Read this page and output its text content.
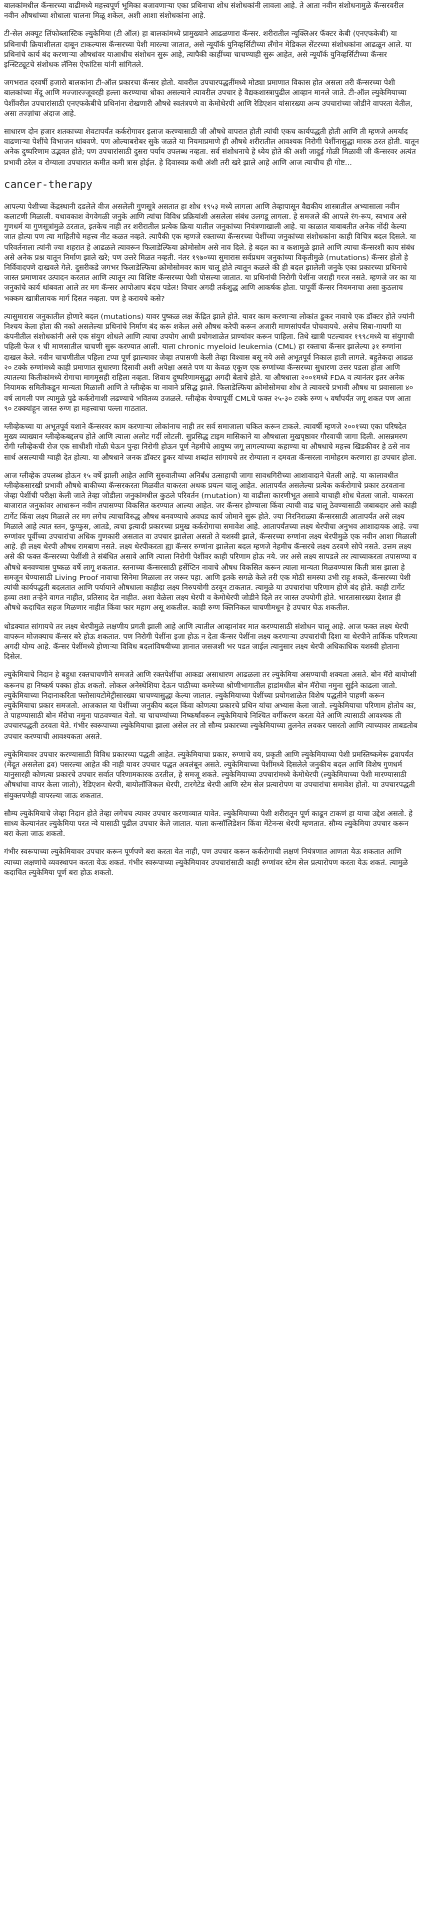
बालकांमधील कॅन्सरच्या वाढीमध्ये महत्त्वपूर्ण भूमिका बजावणाऱ्या एका प्रथिनाचा शोध संशोधकांनी लावला आहे. ते आता नवीन संशोधनामुळे कॅन्सरवरील नवीन औषधांच्या शोधाला चालना मिळू शकेल, अशी आशा संशोधकांना आहे.

टी-सेल अक्यूट लिंफोब्लास्टिक ल्युकेमिया (टी ऑल) हा बालकांमध्ये प्रामुख्याने आढळणारा कॅन्सर. शरीरातील न्यूक्लिअर फॅक्टर केबी (एनएफकेबी) या प्रथिनाची क्रियाशीलता दाबून टाकल्यास कॅन्सरच्या पेशी मारल्या जातात, असे न्यूयॉर्क युनिव्हर्सिटीच्या लँगोन मेडिकल सेंटरच्या संशोधकांना आढळून आले. या प्रथिनांचे कार्य बंद करणाऱ्या औषधांवर याआधीच संशोधन सुरू आहे, त्यापैकी काहींच्या चाचण्याही सुरू आहेत, असे न्यूयॉर्क युनिव्हर्सिटीच्या कॅन्सर इन्स्टिट्यूटचे संशोधक लॅनिस ऐफांटिस यांनी सांगितले.

जगभरात दरवर्षी हजारो बालकांना टी-ऑल प्रकारचा कॅन्सर होतो. यावरील उपचारपद्धतींमध्ये मोठ्या प्रमाणात विकास होत असला तरी कॅन्सरच्या पेशी बालकांच्या मेंदू आणि मज्जारज्जूवरही हल्ला करण्याचा धोका असल्याने त्यावरील उपचार हे वैद्यकशास्त्रापुढील आव्हान मानले जाते. टी-ऑल ल्युकेमियाच्या पेशींवरील उपचारांसाठी एनएफकेबीचे प्रथिनांना रोखणारी औषधे स्वतंत्रपणे वा केमोथेरपी आणि रेडिएशन यांसारख्या अन्य उपचारांच्या जोडीने वापरता येतील, असा तज्ज्ञांचा अंदाज आहे.

साधारण दोन हजार शतकाच्या शेवटापर्यंत कर्करोगावर इलाज करण्यासाठी जी औषधे वापरात होती त्यांची एकच कार्यपद्धती होती आणि ती म्हणजे अमर्याद वाढणाऱ्या पेशींचे विभाजन थांबवणे. पण ओल्याबरोबर सुके जळते या नियमाप्रमाणे ही औषधे शरीरातील आवश्यक निरोगी पेशींनासुद्धा मारक ठरत होती. यातून अनेक दुष्परिणाम उद्भवत होते; पण उपचारांसाठी दुसरा पर्याय उपलब्ध नव्हता. सर्व संशोधनाचे हे ध्येय होते की अशी जादुई गोळी मिळावी जी कॅन्सरवर अत्यंत प्रभावी ठरेल व रोग्याला उपचारात कमीत कमी त्रास होईल. हे दिवास्वप्न कधी अंशी तरी खरे झाले आहे आणि आज त्याचीच ही गोष्ट...

cancer-therapy

आपल्या पेशीच्या केंद्रस्थानी दडलेले वीज असलेली गुणसूत्रे असतात हा शोध १९५३ मध्ये लागला आणि तेव्हापासून वैद्यकीय शास्त्रातील अभ्यासाला नवीन कलाटणी मिळाली. यथावकाश वेगवेगळी जनुके आणि त्यांचा विविध प्रक्रियांशी असलेला संबंध उलगडू लागला. हे समजले की आपले रंग-रूप, स्वभाव असे गुणधर्म या गुणसूत्रांमुळे ठरतात, इतकेच नाही तर शरीरातील प्रत्येक क्रिया यातील जनुकांच्या नियंत्रणाखाली आहे. या काळात याबाबतीत अनेक नोंदी केल्या जात होत्या पण त्या माहितीचे महत्त्व नीट कळत नव्हते. त्यापैकी एक म्हणजे रक्ताच्या कॅन्सरच्या पेशींच्या जनुकांच्या संशोधकांना काही विचित्र बदल दिसले. या परिवर्तनाला त्यांनी ज्या शहरात हे आढळले त्यावरून फिलाडेल्फिया क्रोमोसोम असे नाव दिले. हे बदल का व कशामुळे झाले आणि त्याचा कॅन्सरशी काय संबंध असे अनेक प्रश्न यातून निर्माण झाले खरे; पण उत्तरे मिळत नव्हती. नंतर १९७०च्या सुमारास सर्वप्रथम जनुकांच्या विकृतीमुळे (mutations) कॅन्सर होतो हे निर्विवादपणे दाखवले गेले. दुसरीकडे जगभर फिलाडेल्फिया क्रोमोसोमवर काम चालू होते त्यातून कळले की ही बदल झालेली जनुके एका प्रकारच्या प्रथिनाचे जास्त प्रमाणावर उत्पादन करतात आणि त्यातून त्या विशिष्ट कॅन्सरच्या पेशी पोसल्या जातात. या प्रथिनांची निरोगी पेशींना जराही गरज नसते. म्हणजे जर का या जनुकांचे कार्य थांबवता आले तर मग कॅन्सर आपोआप बंदच पडेल! विचार अगदी तर्कशुद्ध आणि आकर्षक होता. पापूर्वी कॅन्सर नियमनाचा असा कुठलाच भक्कम खात्रीलायक मार्ग दिसत नव्हता. पण हे करायचे कसे?

त्यासुमारास जनुकातील होणारे बदल (mutations) यावर पुष्कळ लक्ष केंद्रित झाले होते. यावर काम करणाऱ्या लोकांत डूकर नावाचे एक डॉक्टर होते ज्यांनी निश्चय केला होता की नको असलेल्या प्रथिनांचे निर्माण बंद करू शकेल असे औषध करेपी करून अजारी माणसांपर्यंत पोचवायचे. असेच सिबा-गायगी या कंपनीतील संशोधकांनी असे एक संयुग शोधले आणि त्याचा उपयोग आधी प्रयोगशाळेत प्राण्यांवर करून पाहिला. तिथे खात्री पटल्यावर १९९८मध्ये या संयुगाची पहिली फेज १ ची माणसातील चाचणी सुरू करण्यात आली. याला chronic myeloid leukemia (CML) हा रक्ताचा कॅन्सर झालेल्या ३१ रुग्णांना दाखल केले. नवीन चाचणीतील पहिला टप्पा पूर्ण झाल्यावर जेव्हा तपासणी केली तेव्हा विश्वास बसू नये असे अभूतपूर्व निकाल हाती लागले. बहुतेकदा आढळ २० टक्के रुग्णांमध्ये काही प्रमाणात सुधारणा दिसावी अशी अपेक्षा असते पण या केवळ एकूण एक रुग्णांच्या कॅन्सरच्या सुधारणा उत्तर पडला होता आणि त्यातल्या कितीकांमध्ये रोगाचा मागमूसही राहिला नव्हता. शिवाय दुष्परिणामसुद्धा अगदी बेताचे होते. या औषधाला २००१मध्ये FDA व त्यानंतर इतर अनेक नियामक समितीकडून मान्यता मिळाली आणि ते ग्लीव्हेक या नावाने प्रसिद्ध झाले. फिलाडेल्फिया क्रोमोसोमचा शोध ते त्यावरचे प्रभावी औषध या प्रवासाला ४० वर्ष लागली पण त्यामुळे पुढे कर्करोगाशी लढण्याचे भवितव्य उजळले. ग्लीव्हेक येण्यापूर्वी CMLचे फक्त २५-३० टक्के रुग्ण ५ वर्षांपर्यंत जगू शकत पण आता ९० टक्क्यांहून जास्त रुग्ण हा महत्त्वाचा पल्ला गाठतात.

ग्लीव्हेकच्या या अभूतपूर्व यशाने कॅन्सरवर काम करणाऱ्या लोकांनाच नाही तर सर्व समाजाला चकित करून टाकले. त्यावर्षी म्हणजे २००१च्या एका परिषदेत मुख्य व्याख्यान ग्लीव्हेकबद्दलच होते आणि त्याला अलोट गर्दी लोटली. सुप्रसिद्ध टाइम मासिकाने या औषधाला मुखपृष्ठावर गौरवाची जागा दिली. आसन्नमरण रोगी ग्लीव्हेकची रोज एक साधीशी गोळी घेऊन पुन्हा निरोगी होऊन पूर्ण नेहमीचे आयुष्य जगू लागल्याच्या कहाण्या या औषधाचे महत्त्व खिडकीवर हे ठसे नाव सार्थ असल्याची ग्वाही देत होत्या. या औषधाने जनक डॉक्टर ड्रूकर यांच्या शब्दांत सांगायचे तर रोग्याला न दमवता कॅन्सरला नामोहरम करणारा हा उपचार होता.

आज ग्लीव्हेक उपलब्ध होऊन १५ वर्षे झाली आहेत आणि सुरुवातीच्या अनिर्बंध उत्साहाची जागा सावधगिरीच्या आशावादाने घेतली आहे. या कालावधीत ग्लीव्हेकसारखी प्रभावी औषधे बाकीच्या कॅन्सरकरता मिळवीत याकरता अथक प्रयत्न चालू आहेत. आतापर्यंत असलेल्या प्रत्येक कर्करोगाचे प्रकार ठरवताना जेव्हा पेशींची परीक्षा केली जाते तेव्हा जोडीला जनुकांमधील कुठले परिवर्तन (mutation) या वाढीला कारणीभूत असावे याचाही शोध घेतला जातो. याकरता बाजारात जनुकांवर आधारून नवीन तपासण्या विकसित करण्यात आल्या आहेत. जर कॅन्सर होण्याला किंवा त्याची वाढ चालू ठेवण्यासाठी जबाबदार असे काही टार्गेट किंवा लक्ष्य मिळाले तर मग लगेच त्याचाविरुद्ध औषध बनवण्याचे अवघड कार्य जोमाने सुरू होते. ज्या निरनिराळ्या कॅन्सरसाठी आतापर्यंत असे लक्ष्य मिळाले आहे त्यात स्तन, फुप्फुस, आतडे, त्वचा इत्यादी प्रकारच्या प्रमुख कर्करोगाचा समावेश आहे. आतापर्यंतच्या लक्ष्य थेरपीचा अनुभव आशादायक आहे. ज्या रुग्णांवर पूर्वीच्या उपचारांचा अधिक गुणकारी असतात वा उपचार झालेला असतो ते यशस्वी झाले, कॅन्सरच्या रुग्णांना लक्ष्य थेरपीमुळे एक नवीन आशा मिळाली आहे. ही लक्ष्य थेरपी औषध रामबाण नसते. लक्ष्य थेरपीकरता ह्या कॅन्सर रुग्णांना झालेला बदल म्हणजे नेहमीच कॅन्सरचे लक्ष्य ठरवणे सोपे नसते. उत्तम लक्ष्य असे की फक्त कॅन्सरच्या पेशींशी ते संबंधित असावे आणि त्याला निरोगी पेशींवर काही परिणाम होऊ नये. जर असे लक्ष्य सापडले तर त्याच्याकरता तपासण्या व औषधे बनवण्यास पुष्कळ वर्षे लागू शकतात. स्तनाच्या कॅन्सरसाठी हर्सेप्टिन नावाचे औषध विकसित करून त्याला मान्यता मिळवण्यास किती त्रास झाला हे समजून घेण्यासाठी Living Proof नावाचा सिनेमा मिळाला तर जरूर पहा. आणि इतके सगळे केले तरी एक मोठी समस्या उभी राहू शकते, कॅन्सरच्या पेशी त्यांची कार्यपद्धती बदलतात आणि पर्यायाने औषधाला काहीदा लक्ष्य निरुपयोगी ठरवून टाकतात. त्यामुळे या उपचारांचा परिणाम होणे बंद होते. काही टार्गेट हव्या तशा तऱ्हेने वागत नाहीत, प्रतिसाद देत नाहीत. अशा वेळेला लक्ष्य थेरपी व केमोथेरपी जोडीने दिले तर जास्त उपयोगी होते. भारतासारख्या देशात ही औषधे कदाचित सहज मिळणार नाहीत किंवा फार महाग असू शकतील. काही रुग्ण क्लिनिकल चाचणीमधून हे उपचार घेऊ शकतील.

थोडक्यात सांगायचे तर लक्ष्य थेरपीमुळे लक्षणीय प्रगती झाली आहे आणि त्यातील आव्हानांवर मात करण्यासाठी संशोधन चालू आहे. आज फक्त लक्ष्य थेरपी वापरून मोजक्याच कॅन्सर बरे होऊ शकतात. पण निरोगी पेशींना इजा होऊ न देता कॅन्सर पेशींना लक्ष्य करणाऱ्या उपचारांची दिशा या थेरपीने तार्किक परिणत्या अगदी योग्य आहे. कॅन्सर पेशींमध्ये होणाऱ्या विविध बदलांविषयीच्या ज्ञानात जसजशी भर पडत जाईल त्यानुसार लक्ष्य थेरपी अधिकाधिक यशस्वी होताना दिसेल.

ल्युकेमियाचे निदान हे बहुधा रक्तचाचणीने समजते आणि रक्तपेशींचा आकडा असाधारण आढळला तर ल्युकेमिया असण्याची शक्यता असते. बोन मॅरो बायोप्सी करूनच हा निष्कर्ष पक्का होऊ शकतो. लोकल अनेस्थेशिया देऊन पाठीच्या कमरेच्या श्रोणीभागातील हाडांमधील बोन मॅरोचा नमुना सुईने काढला जातो. ल्युकेमियाच्या निदानाकरिता फ्लोसायटोमेट्रीसारख्या चाचण्यासुद्धा केल्या जातात. ल्युकेमियाच्या पेशींच्या प्रयोगशाळेत विशेष पद्धतीने पाहणी करून ल्युकेमियाचा प्रकार समजतो. आजकाल या पेशींच्या जनुकीय बदल किंवा कोणत्या प्रकारचे प्रथिन यांचा अभ्यास केला जातो. ल्युकेमियाचा परिणाम होतोय का, ते पाहण्यासाठी बोन मॅरोचा नमुना पाठवण्यात येतो. या चाचण्यांच्या निष्कर्षांवरून ल्युकेमियाचे निश्चित वर्गीकरण करता येते आणि त्यासाठी आवश्यक ती उपचारपद्धती ठरवता येते. गंभीर स्वरूपाच्या ल्युकेमियाचा झाला असेल तर तो सौम्य प्रकारच्या ल्युकेमियाच्या तुलनेत लवकर पसरतो आणि त्याच्यावर ताबडतोब उपचार करण्याची आवश्यकता असते.

ल्युकेमियावर उपचार करण्यासाठी विविध प्रकारच्या पद्धती आहेत. ल्युकेमियाचा प्रकार, रुग्णाचे वय, प्रकृती आणि ल्युकेमियाच्या पेशी प्रमस्तिष्कमेरू द्रवापर्यंत (मेंदूत असलेला द्रव) पसरल्या आहेत की नाही यावर उपचार पद्धत अवलंबून असते. ल्युकेमियाच्या पेशींमध्ये दिसलेले जनुकीय बदल आणि विशेष गुणधर्म यानुसारही कोणत्या प्रकारचे उपचार सर्वात परिणामकारक ठरतील, हे समजू शकते. ल्युकेमियाच्या उपचारांमध्ये केमोथेरपी (ल्युकेमियाच्या पेशी मारण्यासाठी औषधांचा वापर केला जातो), रेडिएशन थेरपी, बायोलॉजिकल थेरपी, टारगेटेड थेरपी आणि स्टेम सेल प्रत्यारोपण या उपचारांचा समावेश होतो. या उपचारपद्धती संयुक्तपणेही वापरल्या जाऊ शकतात.

सौम्य ल्युकेमियाचे जेव्हा निदान होते तेव्हा लगेचच त्यावर उपचार करणाव्यात यावेत. ल्युकेमियाच्या पेशी शरीरातून पूर्ण काढून टाकणं हा याचा उद्देश असतो. हे साध्य केल्यानंतर ल्युकेमिया परत न्ये यासाठी पुढील उपचार केले जातात. याला कन्सॉलिडेशन किंवा मेंटेनन्स थेरपी म्हणतात. सौम्य ल्युकेमिया उपचार करून बरा केला जाऊ शकतो.

गंभीर स्वरूपाच्या ल्युकेमियावर उपचार करून पूर्णपणे बरा करता येत नाही, पण उपचार करून कर्करोगाची लक्षणं नियंत्रणात आणता येऊ शकतात आणि त्याच्या लक्षणांचे व्यवस्थापन करता येऊ शकतं. गंभीर स्वरूपाच्या ल्युकेमियावर उपचारांसाठी काही रुग्णांवर स्टेम सेल प्रत्यारोपण करता येऊ शकतं. त्यामुळे कदाचित ल्युकेमिया पूर्ण बरा होऊ शकतो.
